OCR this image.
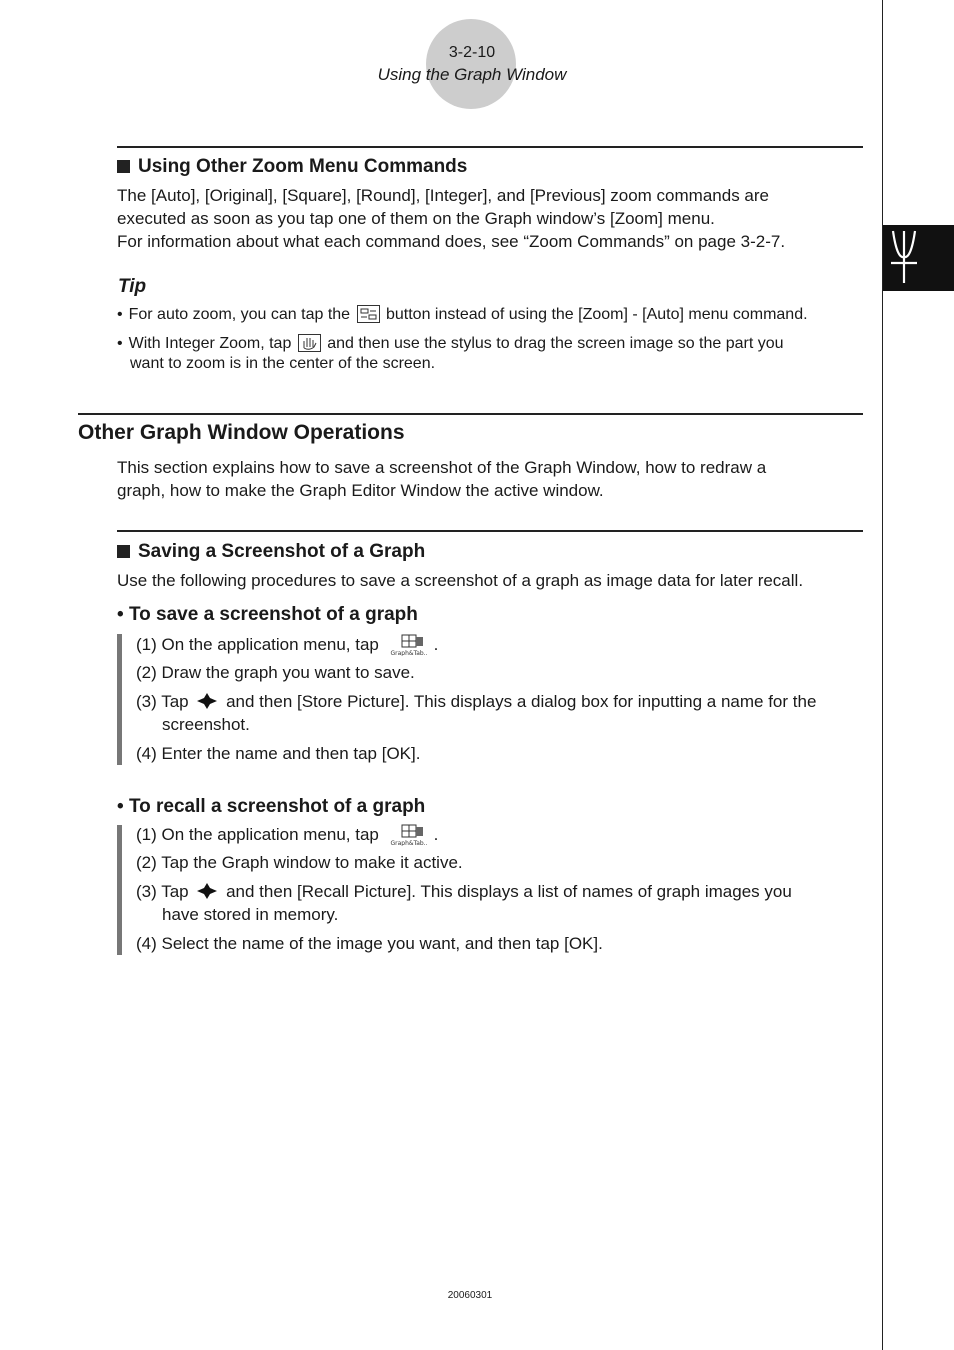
3-2-10
Using the Graph Window
Using Other Zoom Menu Commands
The [Auto], [Original], [Square], [Round], [Integer], and [Previous] zoom commands are
executed as soon as you tap one of them on the Graph window’s [Zoom] menu.
For information about what each command does, see “Zoom Commands” on page 3-2-7.
Tip
• For auto zoom, you can tap the button instead of using the [Zoom] - [Auto] menu command.
• With Integer Zoom, tap and then use the stylus to drag the screen image so the part you
want to zoom is in the center of the screen.
Other Graph Window Operations
This section explains how to save a screenshot of the Graph Window, how to redraw a
graph, how to make the Graph Editor Window the active window.
Saving a Screenshot of a Graph
Use the following procedures to save a screenshot of a graph as image data for later recall.
• To save a screenshot of a graph
(1) On the application menu, tap Graph&Tab.. .
(2) Draw the graph you want to save.
(3) Tap and then [Store Picture]. This displays a dialog box for inputting a name for the
screenshot.
(4) Enter the name and then tap [OK].
• To recall a screenshot of a graph
(1) On the application menu, tap Graph&Tab.. .
(2) Tap the Graph window to make it active.
(3) Tap and then [Recall Picture]. This displays a list of names of graph images you
have stored in memory.
(4) Select the name of the image you want, and then tap [OK].
20060301
